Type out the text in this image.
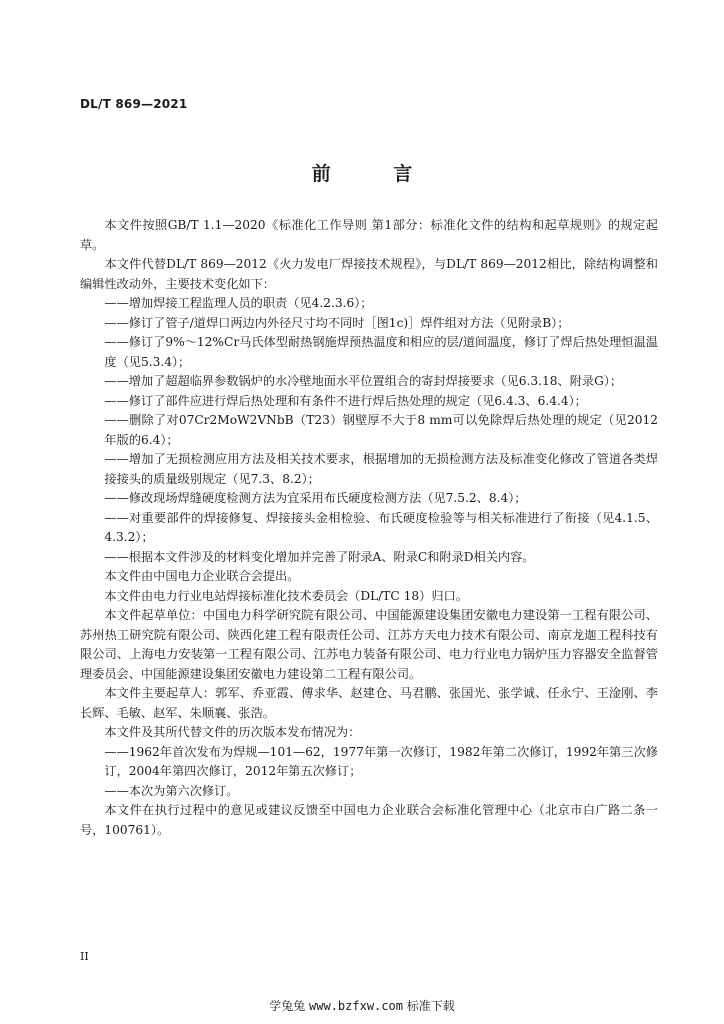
DL/T 869—2021
前 言

本文件按照GB/T 1.1—2020《标准化工作导则 第1部分：标准化文件的结构和起草规则》的规定起草。

本文件代替DL/T 869—2012《火力发电厂焊接技术规程》，与DL/T 869—2012相比，除结构调整和编辑性改动外，主要技术变化如下：

——增加焊接工程监理人员的职责（见4.2.3.6）；

——修订了管子/道焊口两边内外径尺寸均不同时［图1c)］焊件组对方法（见附录B）；

——修订了9%～12%Cr马氏体型耐热钢施焊预热温度和相应的层/道间温度，修订了焊后热处理恒温温度（见5.3.4）；

——增加了超超临界参数锅炉的水冷壁地面水平位置组合的寄封焊接要求（见6.3.18、附录G）；

——修订了部件应进行焊后热处理和有条件不进行焊后热处理的规定（见6.4.3、6.4.4）；

——删除了对07Cr2MoW2VNbB（T23）钢壁厚不大于8 mm可以免除焊后热处理的规定（见2012年版的6.4）；

——增加了无损检测应用方法及相关技术要求，根据增加的无损检测方法及标准变化修改了管道各类焊接接头的质量级别规定（见7.3、8.2）；

——修改现场焊缝硬度检测方法为宜采用布氏硬度检测方法（见7.5.2、8.4）；

——对重要部件的焊接修复、焊接接头金相检验、布氏硬度检验等与相关标准进行了衔接（见4.1.5、4.3.2）；

——根据本文件涉及的材料变化增加并完善了附录A、附录C和附录D相关内容。

本文件由中国电力企业联合会提出。

本文件由电力行业电站焊接标准化技术委员会（DL/TC 18）归口。

本文件起草单位：中国电力科学研究院有限公司、中国能源建设集团安徽电力建设第一工程有限公司、苏州热工研究院有限公司、陕西化建工程有限责任公司、江苏方天电力技术有限公司、南京龙迦工程科技有限公司、上海电力安装第一工程有限公司、江苏电力装备有限公司、电力行业电力锅炉压力容器安全监督管理委员会、中国能源建设集团安徽电力建设第二工程有限公司。

本文件主要起草人：郭军、乔亚霞、傅求华、赵建仓、马君鹏、张国光、张学诚、任永宁、王淦刚、李长辉、毛敏、赵军、朱顺襄、张浩。

本文件及其所代替文件的历次版本发布情况为：

——1962年首次发布为焊规—101—62，1977年第一次修订，1982年第二次修订，1992年第三次修订，2004年第四次修订，2012年第五次修订；

——本次为第六次修订。

本文件在执行过程中的意见或建议反馈至中国电力企业联合会标准化管理中心（北京市白广路二条一号，100761）。

II
学兔兔 www.bzfxw.com 标准下载
